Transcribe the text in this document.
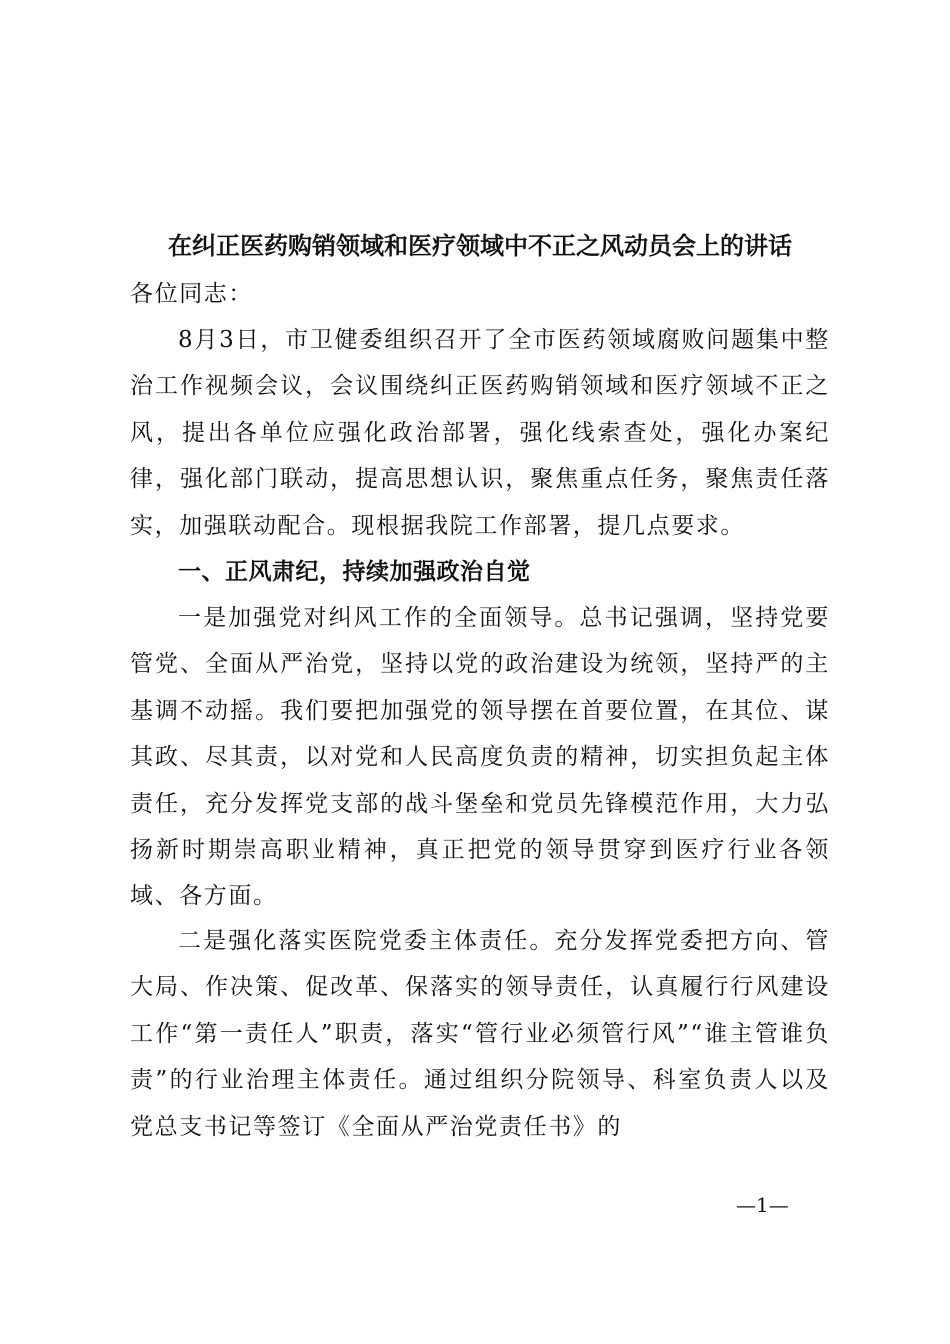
在纠正医药购销领域和医疗领域中不正之风动员会上的讲话
各位同志：
8月3日，市卫健委组织召开了全市医药领域腐败问题集中整治工作视频会议，会议围绕纠正医药购销领域和医疗领域不正之风，提出各单位应强化政治部署，强化线索查处，强化办案纪律，强化部门联动，提高思想认识，聚焦重点任务，聚焦责任落实，加强联动配合。现根据我院工作部署，提几点要求。
一、正风肃纪，持续加强政治自觉
一是加强党对纠风工作的全面领导。总书记强调，坚持党要管党、全面从严治党，坚持以党的政治建设为统领，坚持严的主基调不动摇。我们要把加强党的领导摆在首要位置，在其位、谋其政、尽其责，以对党和人民高度负责的精神，切实担负起主体责任，充分发挥党支部的战斗堡垒和党员先锋模范作用，大力弘扬新时期崇高职业精神，真正把党的领导贯穿到医疗行业各领域、各方面。
二是强化落实医院党委主体责任。充分发挥党委把方向、管大局、作决策、促改革、保落实的领导责任，认真履行行风建设工作“第一责任人”职责，落实“管行业必须管行风”“谁主管谁负责”的行业治理主体责任。通过组织分院领导、科室负责人以及党总支书记等签订《全面从严治党责任书》的
—1—
